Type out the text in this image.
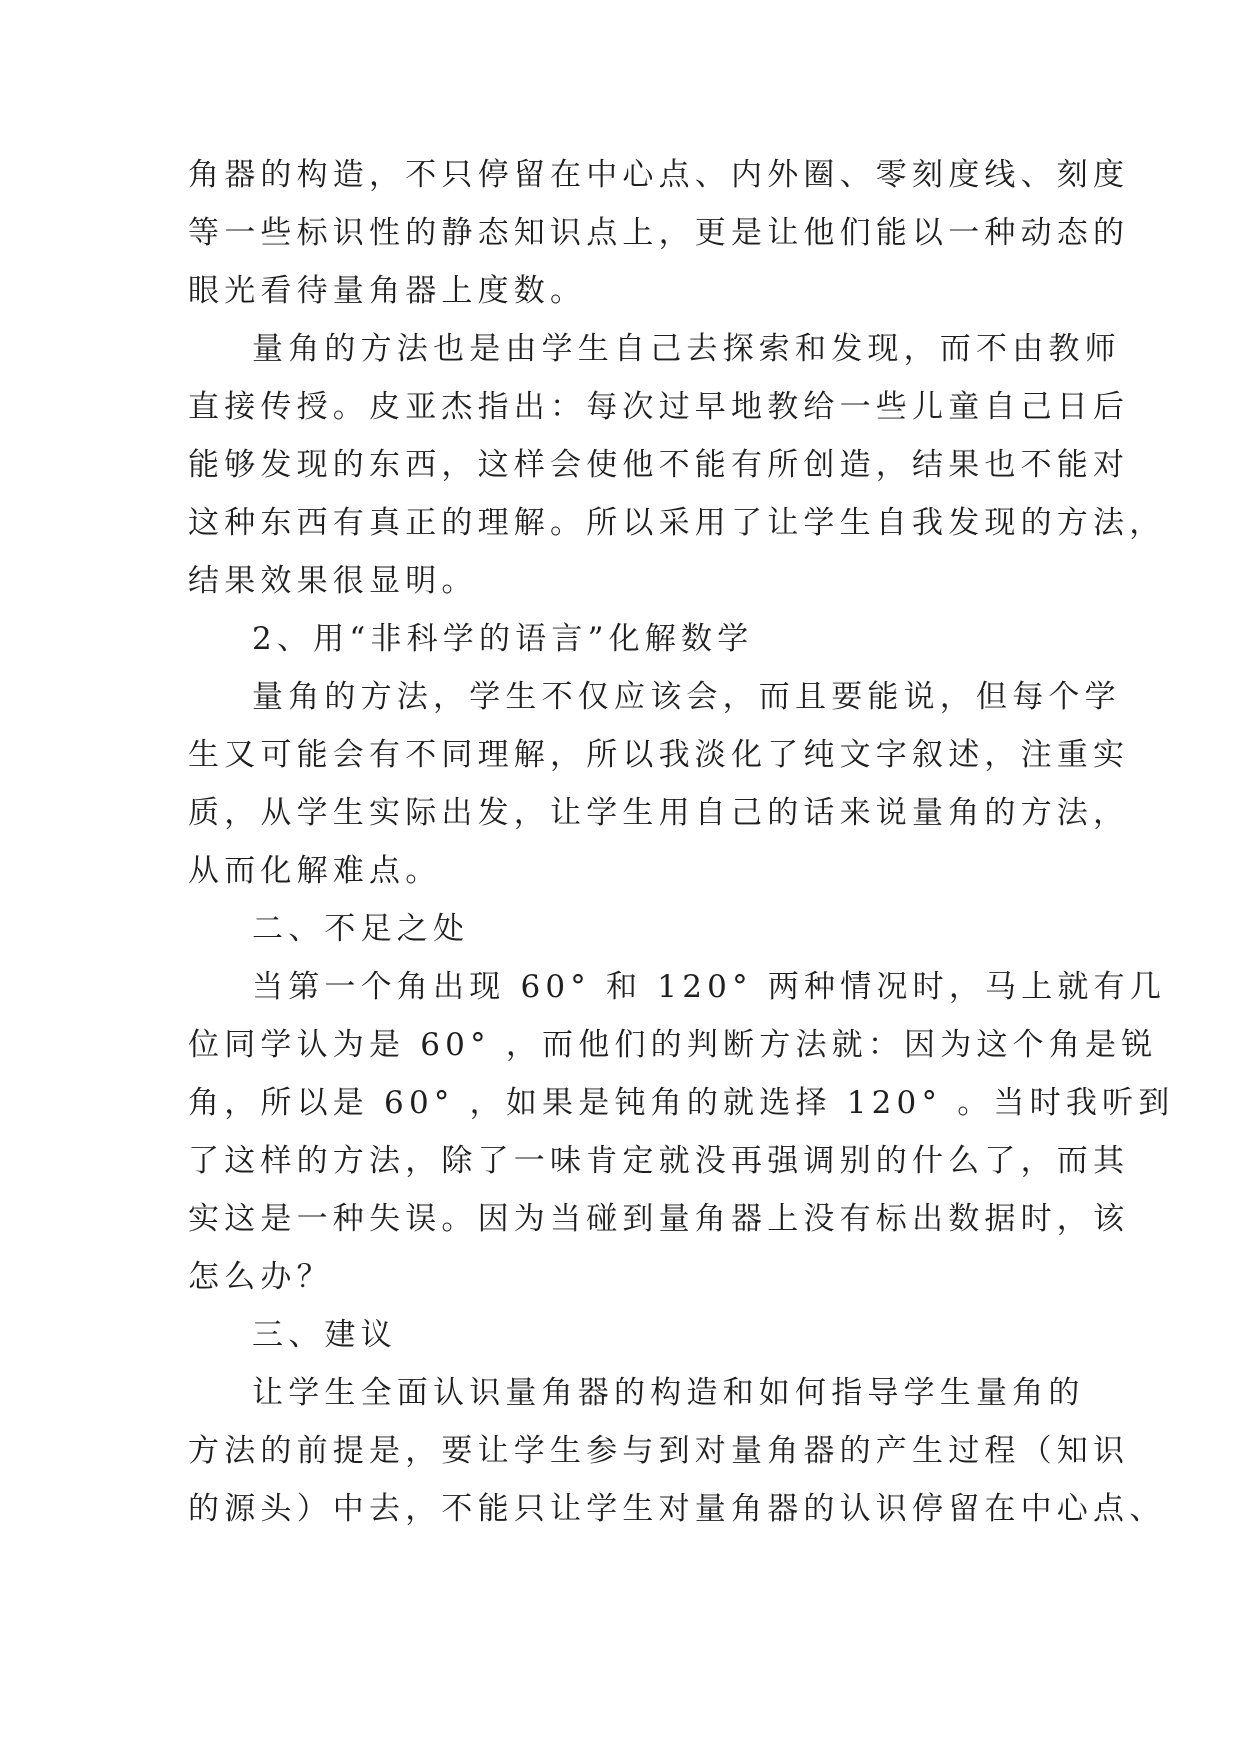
角器的构造，不只停留在中心点、内外圈、零刻度线、刻度
等一些标识性的静态知识点上，更是让他们能以一种动态的
眼光看待量角器上度数。
量角的方法也是由学生自己去探索和发现，而不由教师
直接传授。皮亚杰指出：每次过早地教给一些儿童自己日后
能够发现的东西，这样会使他不能有所创造，结果也不能对
这种东西有真正的理解。所以采用了让学生自我发现的方法，
结果效果很显明。
2、用“非科学的语言”化解数学
量角的方法，学生不仅应该会，而且要能说，但每个学
生又可能会有不同理解，所以我淡化了纯文字叙述，注重实
质，从学生实际出发，让学生用自己的话来说量角的方法，
从而化解难点。
二、不足之处
当第一个角出现 60° 和 120° 两种情况时，马上就有几
位同学认为是 60° ，而他们的判断方法就：因为这个角是锐
角，所以是 60° ，如果是钝角的就选择 120° 。当时我听到
了这样的方法，除了一味肯定就没再强调别的什么了，而其
实这是一种失误。因为当碰到量角器上没有标出数据时，该
怎么办？
三、建议
让学生全面认识量角器的构造和如何指导学生量角的
方法的前提是，要让学生参与到对量角器的产生过程（知识
的源头）中去，不能只让学生对量角器的认识停留在中心点、
